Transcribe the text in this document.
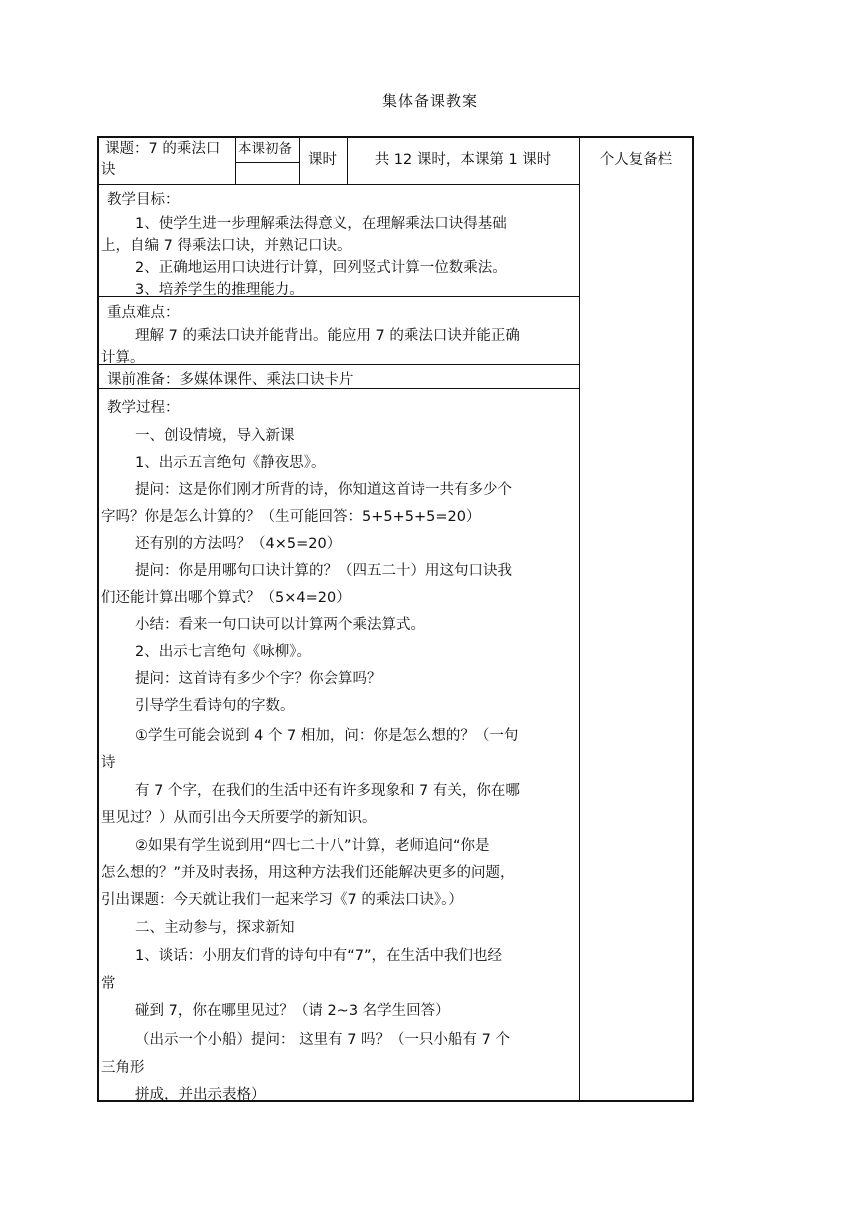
集体备课教案
课题：7 的乘法口
诀
本课初备
课时	共 12 课时，本课第 1 课时	个人复备栏
教学目标：
1、使学生进一步理解乘法得意义，在理解乘法口诀得基础
上，自编 7 得乘法口诀，并熟记口诀。
2、正确地运用口诀进行计算，回列竖式计算一位数乘法。
3、培养学生的推理能力。
重点难点：
理解 7 的乘法口诀并能背出。能应用 7 的乘法口诀并能正确
计算。
课前准备：多媒体课件、乘法口诀卡片
教学过程：
一、创设情境，导入新课
1、出示五言绝句《静夜思》。
提问：这是你们刚才所背的诗，你知道这首诗一共有多少个
字吗？你是怎么计算的？（生可能回答：5+5+5+5=20）
还有别的方法吗？（4×5=20）
提问：你是用哪句口诀计算的？（四五二十）用这句口诀我
们还能计算出哪个算式？（5×4=20）
小结：看来一句口诀可以计算两个乘法算式。
2、出示七言绝句《咏柳》。
提问：这首诗有多少个字？你会算吗？
引导学生看诗句的字数。
①学生可能会说到 4 个 7 相加，问：你是怎么想的？（一句
诗
有 7 个字，在我们的生活中还有许多现象和 7 有关，你在哪
里见过？）从而引出今天所要学的新知识。
②如果有学生说到用“四七二十八”计算，老师追问“你是
怎么想的？”并及时表扬，用这种方法我们还能解决更多的问题，
引出课题：今天就让我们一起来学习《7 的乘法口诀》。）
二、主动参与，探求新知
1、谈话：小朋友们背的诗句中有“7”，在生活中我们也经
常
碰到 7，你在哪里见过？（请 2~3 名学生回答）
（出示一个小船）提问： 这里有 7 吗？（一只小船有 7 个
三角形
拼成，并出示表格）
